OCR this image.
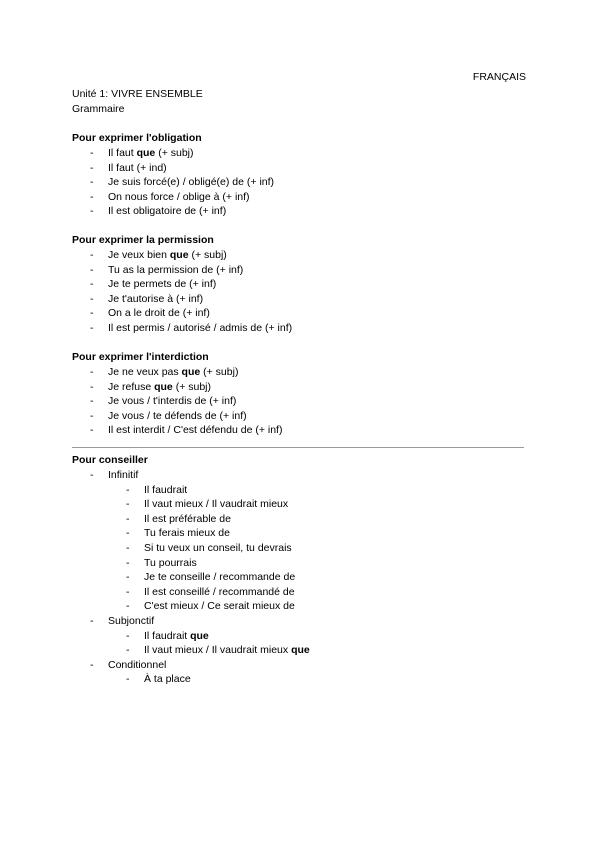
FRANÇAIS
Unité 1: VIVRE ENSEMBLE
Grammaire
Pour exprimer l'obligation
- Il faut que (+ subj)
- Il faut (+ ind)
- Je suis forcé(e) / obligé(e) de (+ inf)
- On nous force / oblige à (+ inf)
- Il est obligatoire de (+ inf)
Pour exprimer la permission
- Je veux bien que (+ subj)
- Tu as la permission de (+ inf)
- Je te permets de (+ inf)
- Je t'autorise à (+ inf)
- On a le droit de (+ inf)
- Il est permis / autorisé / admis de (+ inf)
Pour exprimer l'interdiction
- Je ne veux pas que (+ subj)
- Je refuse que (+ subj)
- Je vous / t'interdis de (+ inf)
- Je vous / te défends de (+ inf)
- Il est interdit / C'est défendu de (+ inf)
Pour conseiller
- Infinitif
- Il faudrait
- Il vaut mieux / Il vaudrait mieux
- Il est préférable de
- Tu ferais mieux de
- Si tu veux un conseil, tu devrais
- Tu pourrais
- Je te conseille / recommande de
- Il est conseillé / recommandé de
- C'est mieux / Ce serait mieux de
- Subjonctif
- Il faudrait que
- Il vaut mieux / Il vaudrait mieux que
- Conditionnel
- À ta place
